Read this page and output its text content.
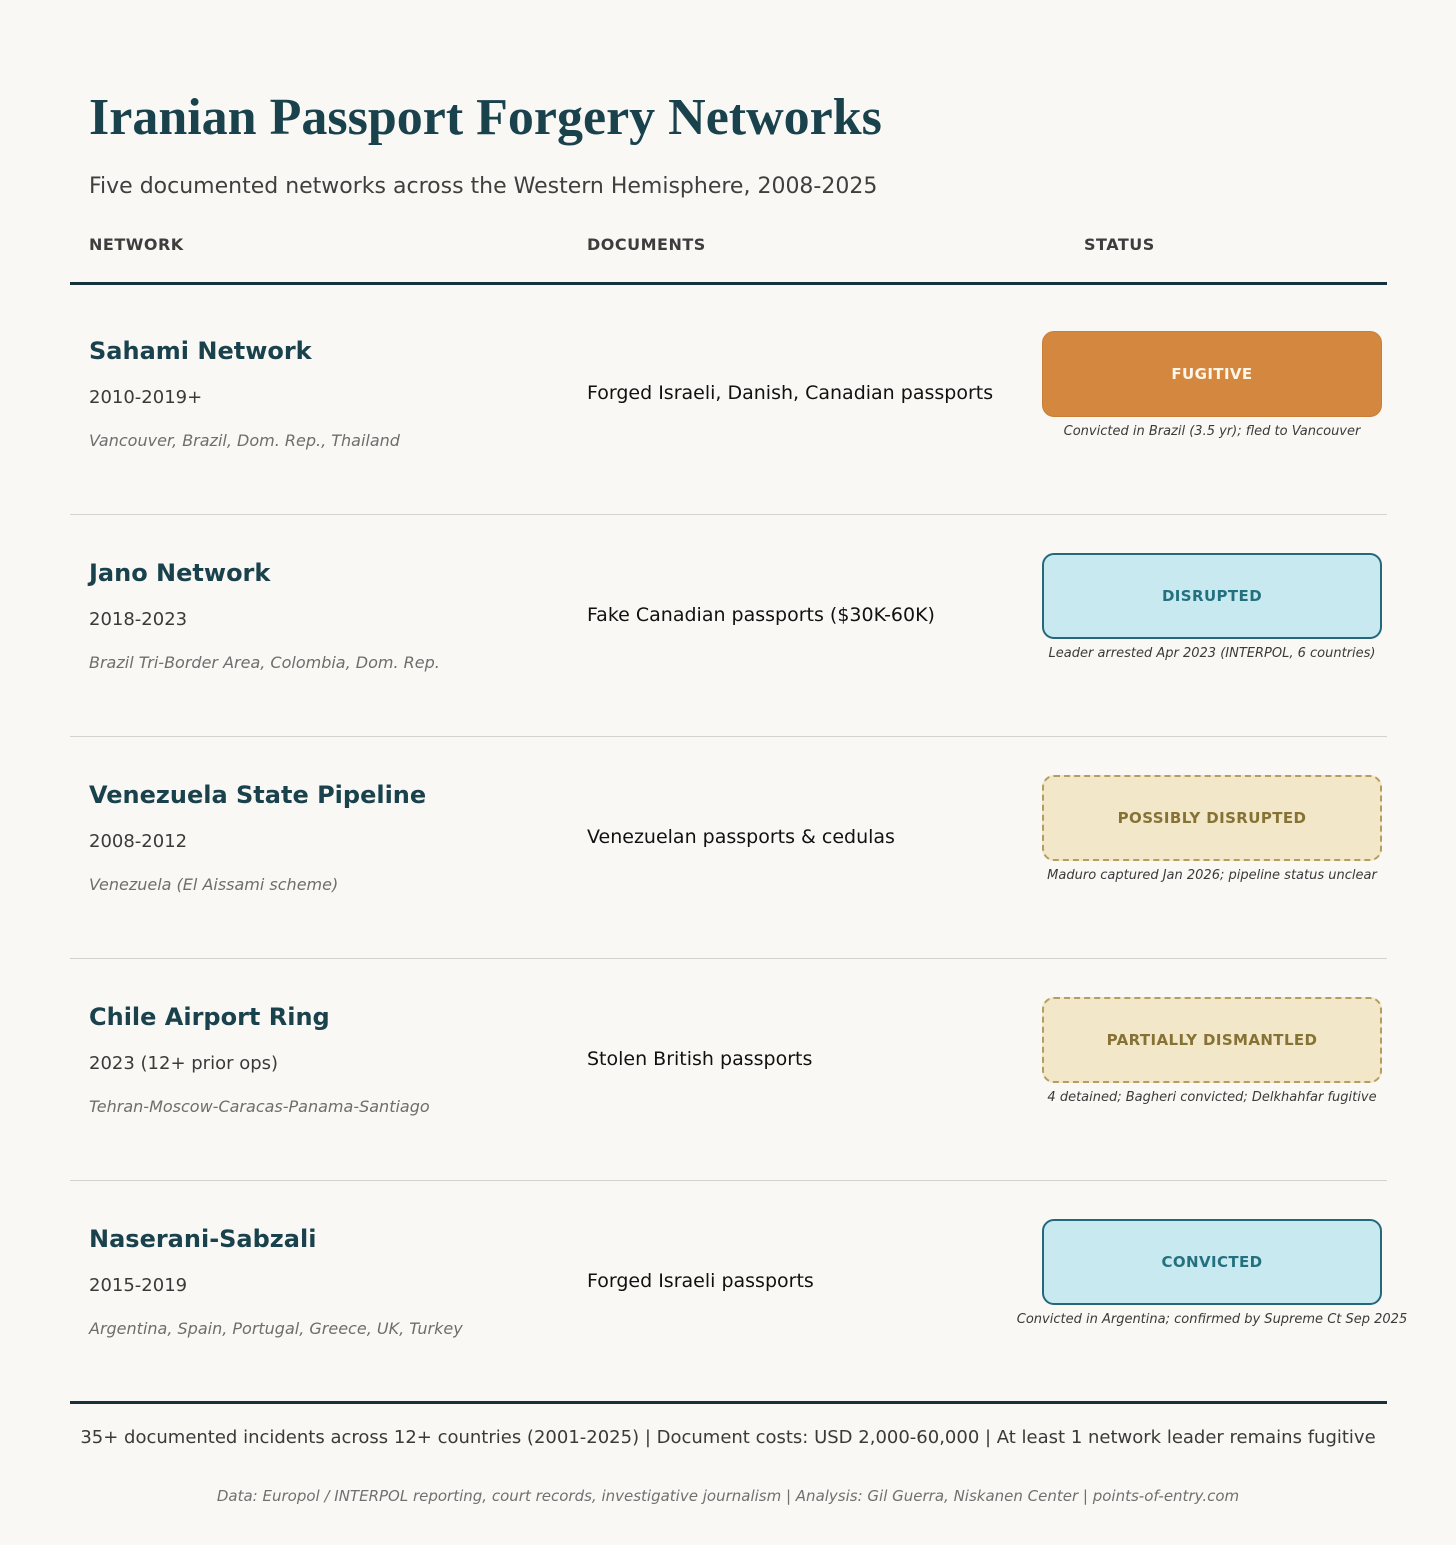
Iranian Passport Forgery Networks
Five documented networks across the Western Hemisphere, 2008-2025
NETWORK	DOCUMENTS	STATUS
Sahami Network
2010-2019+
Vancouver, Brazil, Dom. Rep., Thailand
Forged Israeli, Danish, Canadian passports
FUGITIVE
Convicted in Brazil (3.5 yr); fled to Vancouver
Jano Network
2018-2023
Brazil Tri-Border Area, Colombia, Dom. Rep.
Fake Canadian passports ($30K-60K)
DISRUPTED
Leader arrested Apr 2023 (INTERPOL, 6 countries)
Venezuela State Pipeline
2008-2012
Venezuela (El Aissami scheme)
Venezuelan passports & cedulas
POSSIBLY DISRUPTED
Maduro captured Jan 2026; pipeline status unclear
Chile Airport Ring
2023 (12+ prior ops)
Tehran-Moscow-Caracas-Panama-Santiago
Stolen British passports
PARTIALLY DISMANTLED
4 detained; Bagheri convicted; Delkhahfar fugitive
Naserani-Sabzali
2015-2019
Argentina, Spain, Portugal, Greece, UK, Turkey
Forged Israeli passports
CONVICTED
Convicted in Argentina; confirmed by Supreme Ct Sep 2025
35+ documented incidents across 12+ countries (2001-2025) | Document costs: USD 2,000-60,000 | At least 1 network leader remains fugitive
Data: Europol / INTERPOL reporting, court records, investigative journalism | Analysis: Gil Guerra, Niskanen Center | points-of-entry.com
